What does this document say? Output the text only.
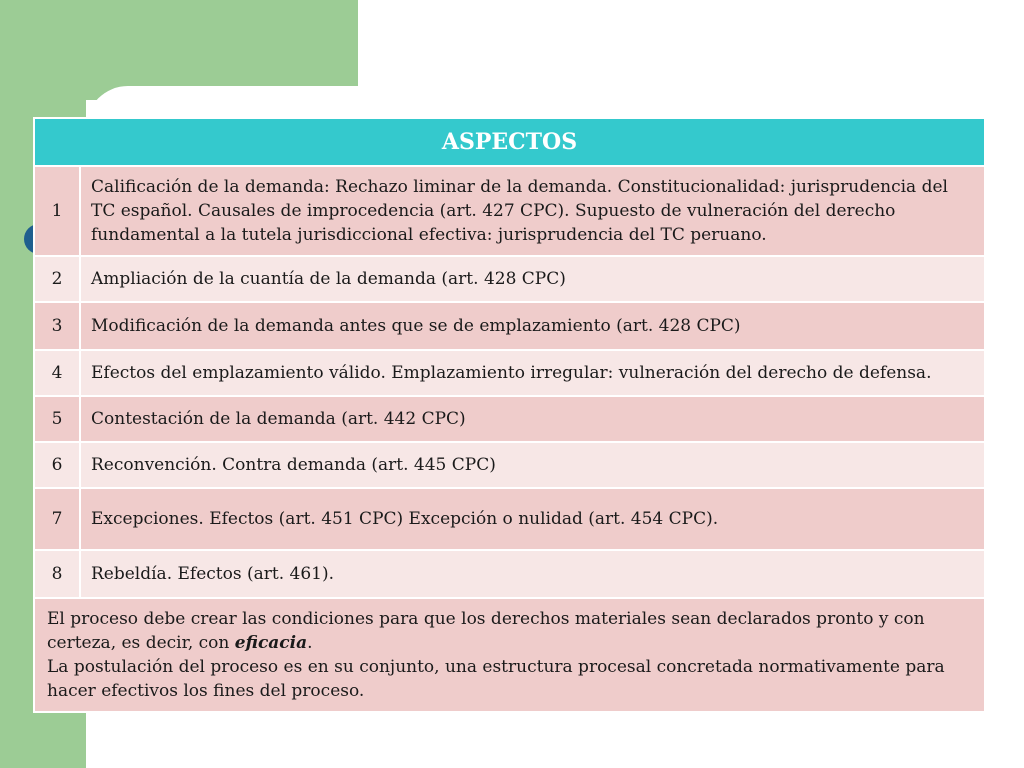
ASPECTOS	
1	Calificación de la demanda: Rechazo liminar de la demanda. Constitucionalidad: jurisprudencia del TC español. Causales de improcedencia (art. 427 CPC). Supuesto de vulneración del derecho fundamental a la tutela jurisdiccional efectiva: jurisprudencia del TC peruano.
2	Ampliación de la cuantía de la demanda (art. 428 CPC)
3	Modificación de la demanda antes que se de emplazamiento (art. 428 CPC)
4	Efectos del emplazamiento válido. Emplazamiento irregular: vulneración del derecho de defensa.
5	Contestación de la demanda (art. 442 CPC)
6	Reconvención. Contra demanda (art. 445 CPC)
7	Excepciones. Efectos (art. 451 CPC) Excepción o nulidad (art. 454 CPC).
8	Rebeldía. Efectos (art. 461).

El proceso debe crear las condiciones para que los derechos materiales sean declarados pronto y con certeza, es decir, con eficacia.
La postulación del proceso es en su conjunto, una estructura procesal concretada normativamente para hacer efectivos los fines del proceso.	
